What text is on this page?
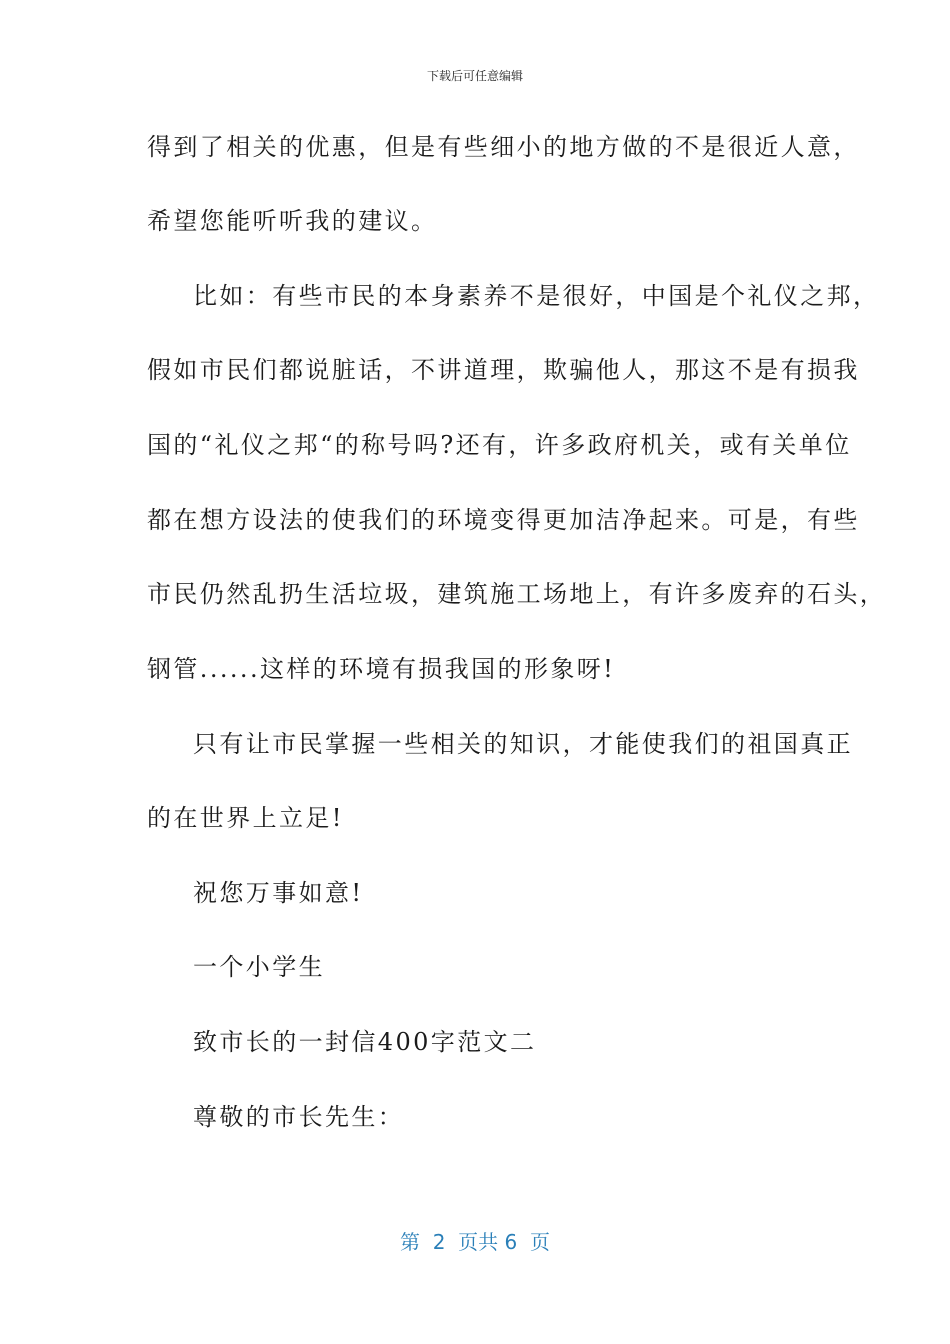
下载后可任意编辑
得到了相关的优惠，但是有些细小的地方做的不是很近人意，
希望您能听听我的建议。
比如：有些市民的本身素养不是很好，中国是个礼仪之邦，
假如市民们都说脏话，不讲道理，欺骗他人，那这不是有损我
国的“礼仪之邦“的称号吗?还有，许多政府机关，或有关单位
都在想方设法的使我们的环境变得更加洁净起来。可是，有些
市民仍然乱扔生活垃圾，建筑施工场地上，有许多废弃的石头，
钢管......这样的环境有损我国的形象呀!
只有让市民掌握一些相关的知识，才能使我们的祖国真正
的在世界上立足!
祝您万事如意!
一个小学生
致市长的一封信400字范文二
尊敬的市长先生：
第  2  页共 6  页
